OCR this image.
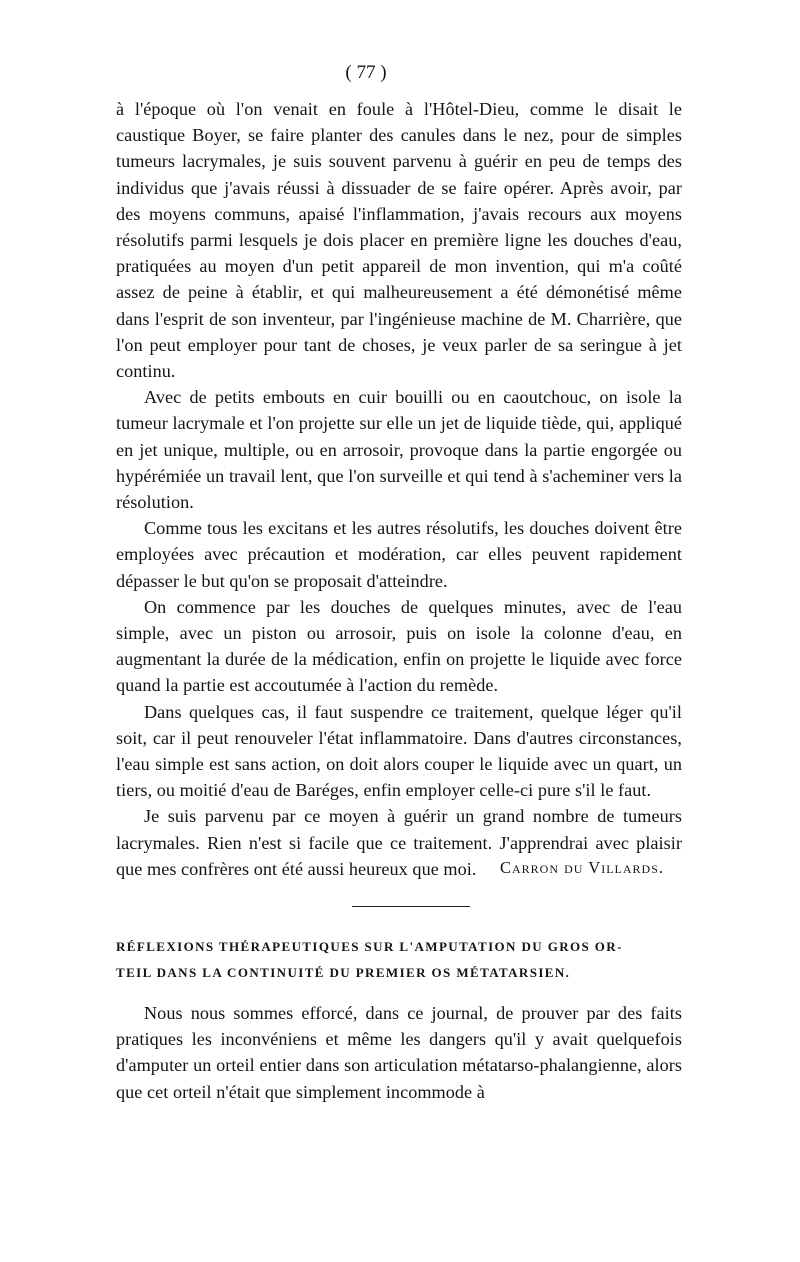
( 77 )

à l'époque où l'on venait en foule à l'Hôtel-Dieu, comme le disait le caustique Boyer, se faire planter des canules dans le nez, pour de simples tumeurs lacrymales, je suis souvent parvenu à guérir en peu de temps des individus que j'avais réussi à dissuader de se faire opérer. Après avoir, par des moyens communs, apaisé l'inflammation, j'avais recours aux moyens résolutifs parmi lesquels je dois placer en première ligne les douches d'eau, pratiquées au moyen d'un petit appareil de mon invention, qui m'a coûté assez de peine à établir, et qui malheureusement a été démonétisé même dans l'esprit de son inventeur, par l'ingénieuse machine de M. Charrière, que l'on peut employer pour tant de choses, je veux parler de sa seringue à jet continu.

Avec de petits embouts en cuir bouilli ou en caoutchouc, on isole la tumeur lacrymale et l'on projette sur elle un jet de liquide tiède, qui, appliqué en jet unique, multiple, ou en arrosoir, provoque dans la partie engorgée ou hypérémiée un travail lent, que l'on surveille et qui tend à s'acheminer vers la résolution.

Comme tous les excitans et les autres résolutifs, les douches doivent être employées avec précaution et modération, car elles peuvent rapidement dépasser le but qu'on se proposait d'atteindre.

On commence par les douches de quelques minutes, avec de l'eau simple, avec un piston ou arrosoir, puis on isole la colonne d'eau, en augmentant la durée de la médication, enfin on projette le liquide avec force quand la partie est accoutumée à l'action du remède.

Dans quelques cas, il faut suspendre ce traitement, quelque léger qu'il soit, car il peut renouveler l'état inflammatoire. Dans d'autres circonstances, l'eau simple est sans action, on doit alors couper le liquide avec un quart, un tiers, ou moitié d'eau de Baréges, enfin employer celle-ci pure s'il le faut.

Je suis parvenu par ce moyen à guérir un grand nombre de tumeurs lacrymales. Rien n'est si facile que ce traitement. J'apprendrai avec plaisir que mes confrères ont été aussi heureux que moi.	Carron du Villards.
RÉFLEXIONS THÉRAPEUTIQUES SUR L'AMPUTATION DU GROS OR-
TEIL DANS LA CONTINUITÉ DU PREMIER OS MÉTATARSIEN.

Nous nous sommes efforcé, dans ce journal, de prouver par des faits pratiques les inconvéniens et même les dangers qu'il y avait quelquefois d'amputer un orteil entier dans son articulation métatarso-phalangienne, alors que cet orteil n'était que simplement incommode à
